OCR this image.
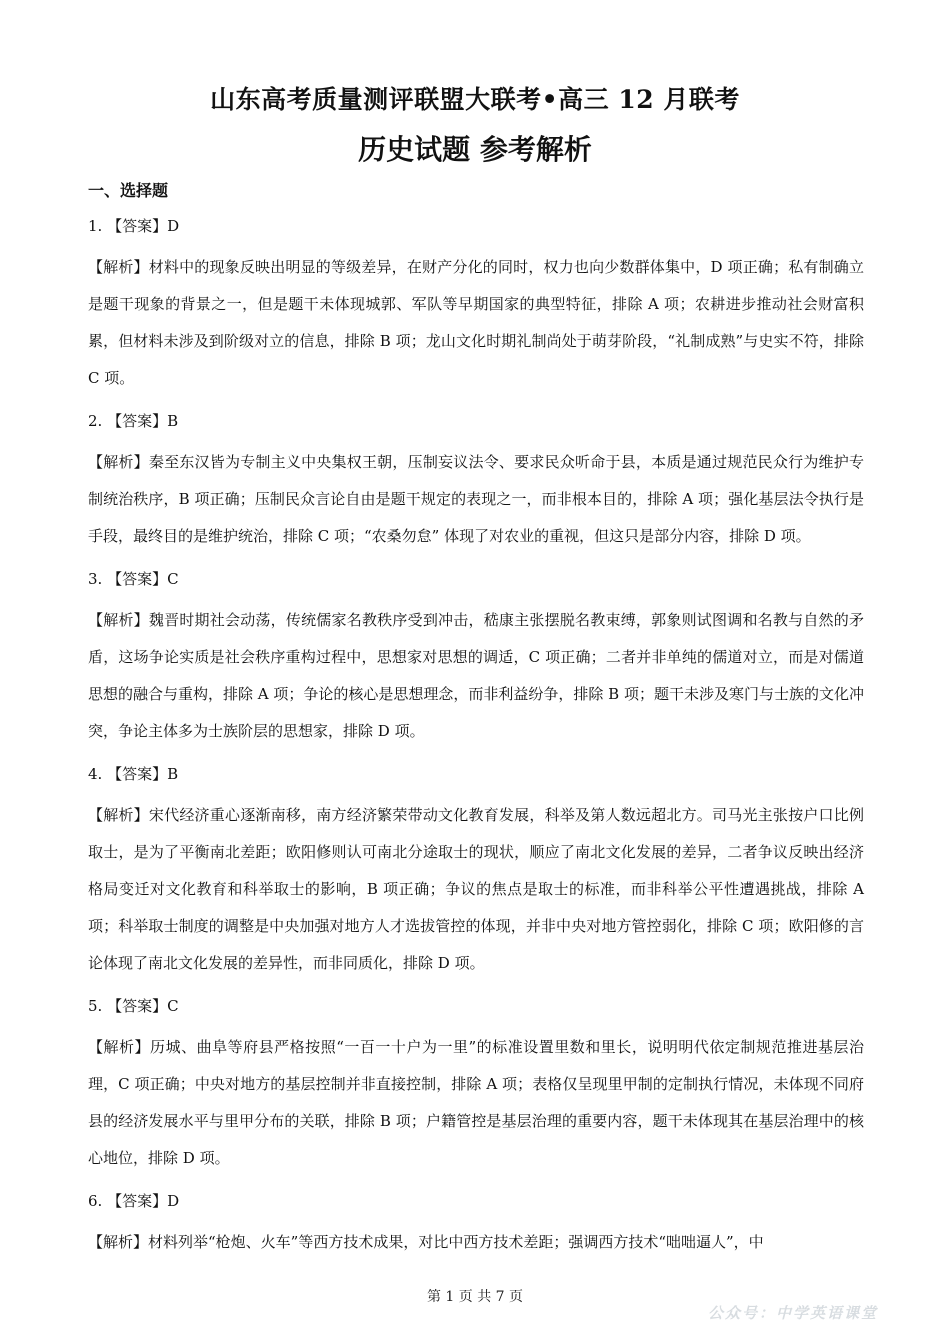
山东高考质量测评联盟大联考•高三 12 月联考
历史试题 参考解析
一、选择题
1. 【答案】D
【解析】材料中的现象反映出明显的等级差异，在财产分化的同时，权力也向少数群体集中，D 项正确；私有制确立是题干现象的背景之一，但是题干未体现城郭、军队等早期国家的典型特征，排除 A 项；农耕进步推动社会财富积累，但材料未涉及到阶级对立的信息，排除 B 项；龙山文化时期礼制尚处于萌芽阶段，“礼制成熟”与史实不符，排除 C 项。
2. 【答案】B
【解析】秦至东汉皆为专制主义中央集权王朝，压制妄议法令、要求民众听命于县，本质是通过规范民众行为维护专制统治秩序，B 项正确；压制民众言论自由是题干规定的表现之一，而非根本目的，排除 A 项；强化基层法令执行是手段，最终目的是维护统治，排除 C 项；“农桑勿怠” 体现了对农业的重视，但这只是部分内容，排除 D 项。
3. 【答案】C
【解析】魏晋时期社会动荡，传统儒家名教秩序受到冲击，嵇康主张摆脱名教束缚，郭象则试图调和名教与自然的矛盾，这场争论实质是社会秩序重构过程中，思想家对思想的调适，C 项正确；二者并非单纯的儒道对立，而是对儒道思想的融合与重构，排除 A 项；争论的核心是思想理念，而非利益纷争，排除 B 项；题干未涉及寒门与士族的文化冲突，争论主体多为士族阶层的思想家，排除 D 项。
4. 【答案】B
【解析】宋代经济重心逐渐南移，南方经济繁荣带动文化教育发展，科举及第人数远超北方。司马光主张按户口比例取士，是为了平衡南北差距；欧阳修则认可南北分途取士的现状，顺应了南北文化发展的差异，二者争议反映出经济格局变迁对文化教育和科举取士的影响，B 项正确；争议的焦点是取士的标准，而非科举公平性遭遇挑战，排除 A 项；科举取士制度的调整是中央加强对地方人才选拔管控的体现，并非中央对地方管控弱化，排除 C 项；欧阳修的言论体现了南北文化发展的差异性，而非同质化，排除 D 项。
5. 【答案】C
【解析】历城、曲阜等府县严格按照“一百一十户为一里”的标准设置里数和里长，说明明代依定制规范推进基层治理，C 项正确；中央对地方的基层控制并非直接控制，排除 A 项；表格仅呈现里甲制的定制执行情况，未体现不同府县的经济发展水平与里甲分布的关联，排除 B 项；户籍管控是基层治理的重要内容，题干未体现其在基层治理中的核心地位，排除 D 项。
6. 【答案】D
【解析】材料列举“枪炮、火车”等西方技术成果，对比中西方技术差距；强调西方技术“咄咄逼人”，中
第 1 页 共 7 页
公众号：中学英语课堂
